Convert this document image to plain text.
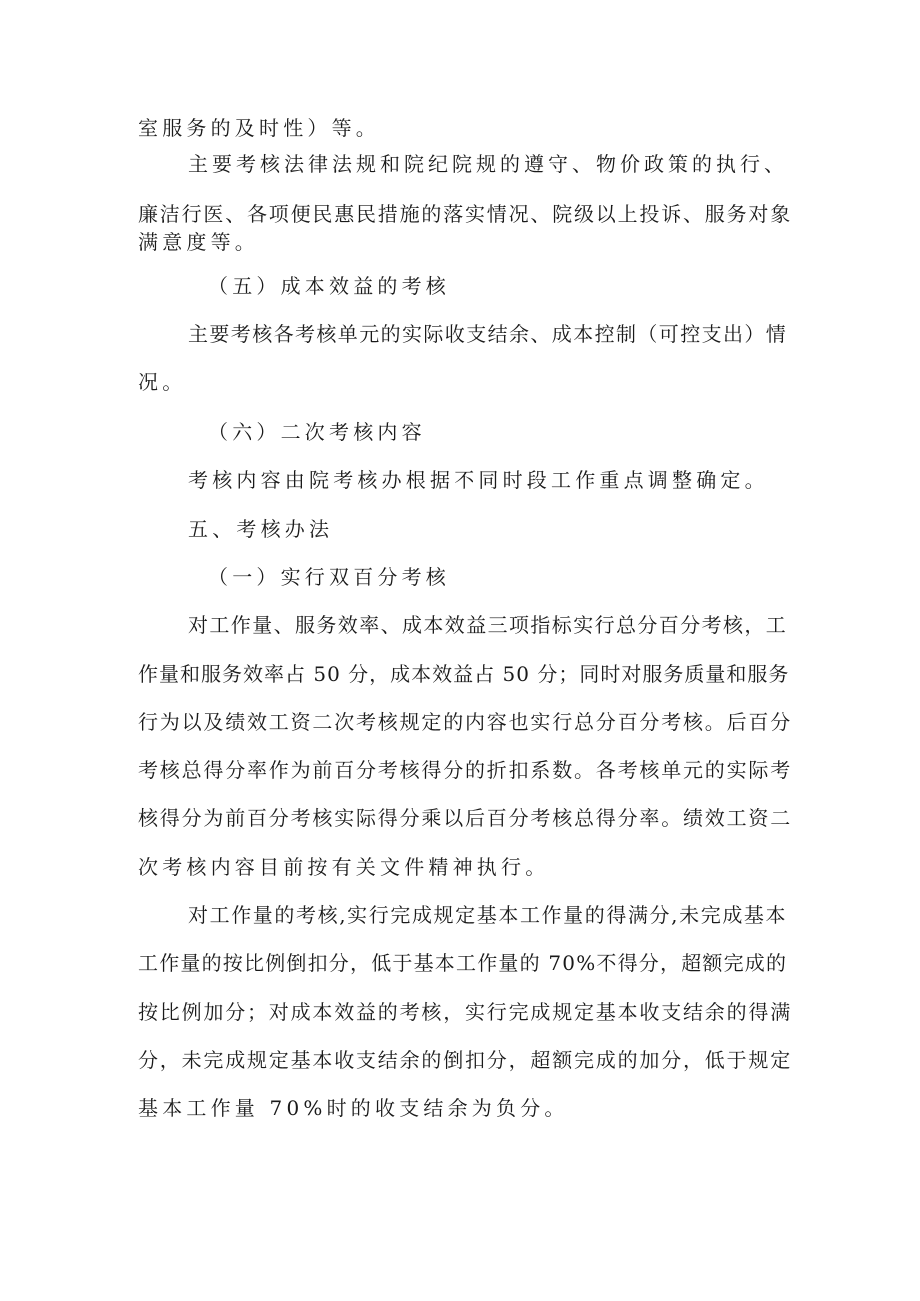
室服务的及时性）等。
主要考核法律法规和院纪院规的遵守、物价政策的执行、
廉洁行医、各项便民惠民措施的落实情况、院级以上投诉、服务对象
满意度等。
（五）成本效益的考核
主要考核各考核单元的实际收支结余、成本控制（可控支出）情
况。
（六）二次考核内容
考核内容由院考核办根据不同时段工作重点调整确定。
五、考核办法
（一）实行双百分考核
对工作量、服务效率、成本效益三项指标实行总分百分考核，工
作量和服务效率占 50 分，成本效益占 50 分；同时对服务质量和服务
行为以及绩效工资二次考核规定的内容也实行总分百分考核。后百分
考核总得分率作为前百分考核得分的折扣系数。各考核单元的实际考
核得分为前百分考核实际得分乘以后百分考核总得分率。绩效工资二
次考核内容目前按有关文件精神执行。
对工作量的考核,实行完成规定基本工作量的得满分,未完成基本
工作量的按比例倒扣分，低于基本工作量的 70%不得分，超额完成的
按比例加分；对成本效益的考核，实行完成规定基本收支结余的得满
分，未完成规定基本收支结余的倒扣分，超额完成的加分，低于规定
基本工作量 70%时的收支结余为负分。
